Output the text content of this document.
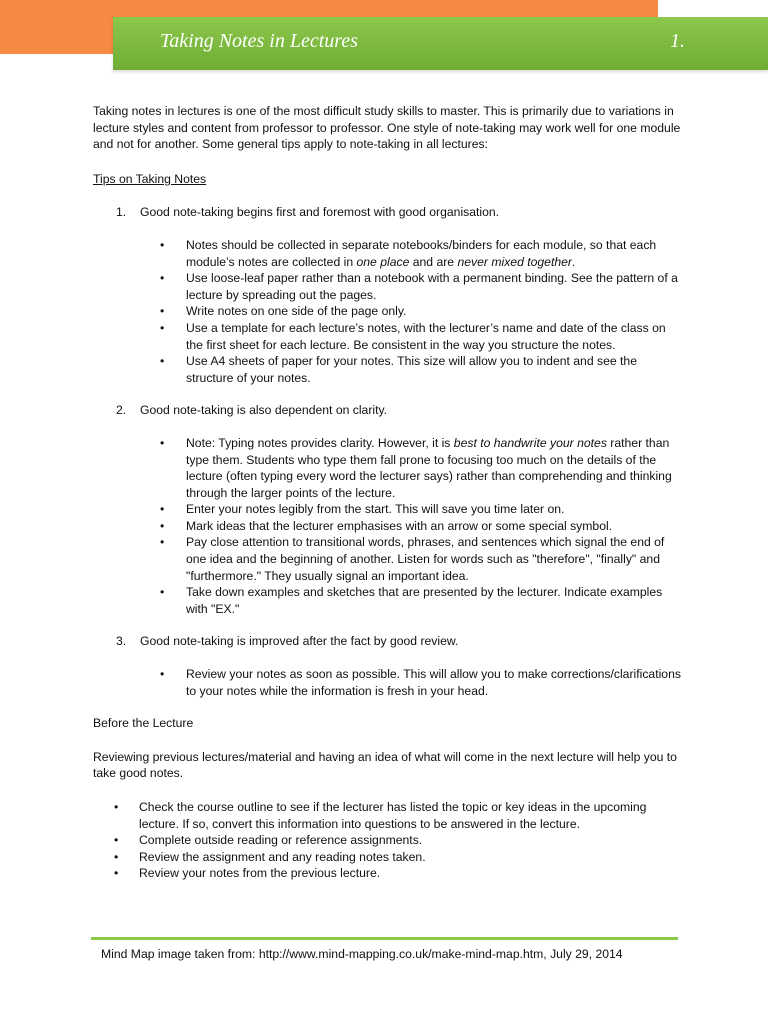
Taking Notes in Lectures	1.

Taking notes in lectures is one of the most difficult study skills to master. This is primarily due to variations in lecture styles and content from professor to professor. One style of note-taking may work well for one module and not for another. Some general tips apply to note-taking in all lectures:

Tips on Taking Notes

1. Good note-taking begins first and foremost with good organisation.
• Notes should be collected in separate notebooks/binders for each module, so that each module’s notes are collected in one place and are never mixed together.
• Use loose-leaf paper rather than a notebook with a permanent binding. See the pattern of a lecture by spreading out the pages.
• Write notes on one side of the page only.
• Use a template for each lecture’s notes, with the lecturer’s name and date of the class on the first sheet for each lecture. Be consistent in the way you structure the notes.
• Use A4 sheets of paper for your notes. This size will allow you to indent and see the structure of your notes.
2. Good note-taking is also dependent on clarity.
• Note: Typing notes provides clarity. However, it is best to handwrite your notes rather than type them. Students who type them fall prone to focusing too much on the details of the lecture (often typing every word the lecturer says) rather than comprehending and thinking through the larger points of the lecture.
• Enter your notes legibly from the start. This will save you time later on.
• Mark ideas that the lecturer emphasises with an arrow or some special symbol.
• Pay close attention to transitional words, phrases, and sentences which signal the end of one idea and the beginning of another. Listen for words such as "therefore", "finally" and "furthermore." They usually signal an important idea.
• Take down examples and sketches that are presented by the lecturer. Indicate examples with "EX."
3. Good note-taking is improved after the fact by good review.
• Review your notes as soon as possible. This will allow you to make corrections/clarifications to your notes while the information is fresh in your head.

Before the Lecture

Reviewing previous lectures/material and having an idea of what will come in the next lecture will help you to take good notes.

• Check the course outline to see if the lecturer has listed the topic or key ideas in the upcoming lecture. If so, convert this information into questions to be answered in the lecture.
• Complete outside reading or reference assignments.
• Review the assignment and any reading notes taken.
• Review your notes from the previous lecture.
Mind Map image taken from: http://www.mind-mapping.co.uk/make-mind-map.htm, July 29, 2014
